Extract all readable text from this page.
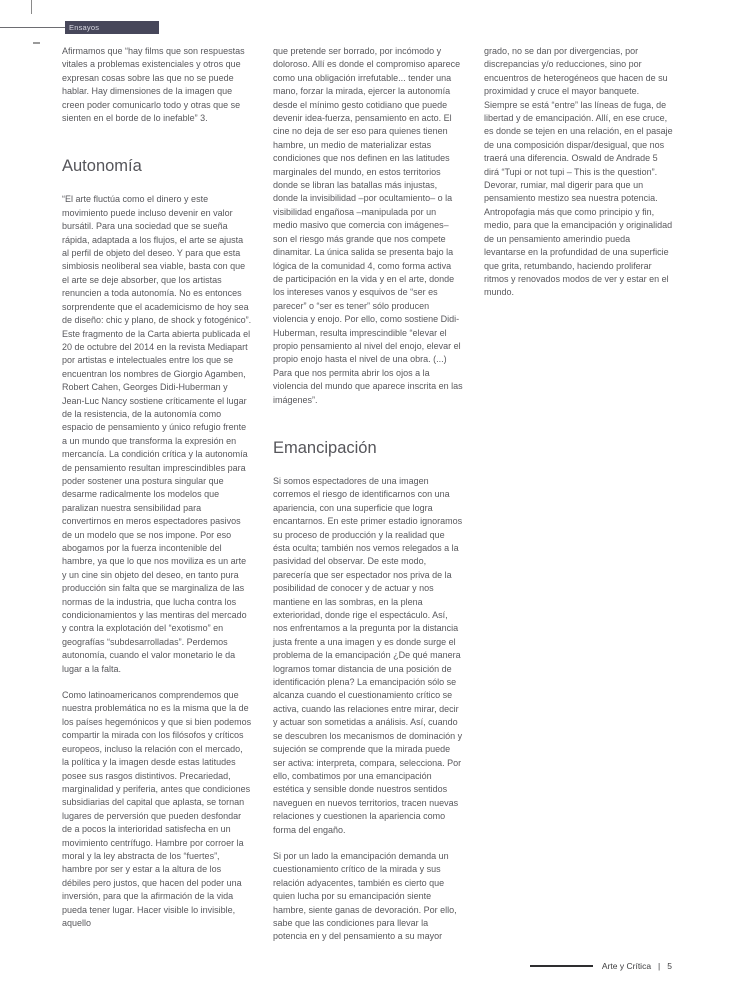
Ensayos

Afirmamos que “hay films que son respuestas vitales a problemas existenciales y otros que expresan cosas sobre las que no se puede hablar. Hay dimensiones de la imagen que creen poder comunicarlo todo y otras que se sienten en el borde de lo inefable” 3.

Autonomía

“El arte fluctúa como el dinero y este movimiento puede incluso devenir en valor bursátil. Para una sociedad que se sueña rápida, adaptada a los flujos, el arte se ajusta al perfil de objeto del deseo. Y para que esta simbiosis neoliberal sea viable, basta con que el arte se deje absorber, que los artistas renuncien a toda autonomía. No es entonces sorprendente que el academicismo de hoy sea de diseño: chic y plano, de shock y fotogénico”. Este fragmento de la Carta abierta publicada el 20 de octubre del 2014 en la revista Mediapart por artistas e intelectuales entre los que se encuentran los nombres de Giorgio Agamben, Robert Cahen, Georges Didi-Huberman y Jean-Luc Nancy sostiene críticamente el lugar de la resistencia, de la autonomía como espacio de pensamiento y único refugio frente a un mundo que transforma la expresión en mercancía. La condición crítica y la autonomía de pensamiento resultan imprescindibles para poder sostener una postura singular que desarme radicalmente los modelos que paralizan nuestra sensibilidad para convertirnos en meros espectadores pasivos de un modelo que se nos impone. Por eso abogamos por la fuerza incontenible del hambre, ya que lo que nos moviliza es un arte y un cine sin objeto del deseo, en tanto pura producción sin falta que se marginaliza de las normas de la industria, que lucha contra los condicionamientos y las mentiras del mercado y contra la explotación del “exotismo” en geografías “subdesarrolladas”. Perdemos autonomía, cuando el valor monetario le da lugar a la falta.

Como latinoamericanos comprendemos que nuestra problemática no es la misma que la de los países hegemónicos y que si bien podemos compartir la mirada con los filósofos y críticos europeos, incluso la relación con el mercado, la política y la imagen desde estas latitudes posee sus rasgos distintivos. Precariedad, marginalidad y periferia, antes que condiciones subsidiarias del capital que aplasta, se tornan lugares de perversión que pueden desfondar de a pocos la interioridad satisfecha en un movimiento centrífugo. Hambre por corroer la moral y la ley abstracta de los “fuertes”, hambre por ser y estar a la altura de los débiles pero justos, que hacen del poder una inversión, para que la afirmación de la vida pueda tener lugar. Hacer visible lo invisible, aquello

que pretende ser borrado, por incómodo y doloroso. Allí es donde el compromiso aparece como una obligación irrefutable... tender una mano, forzar la mirada, ejercer la autonomía desde el mínimo gesto cotidiano que puede devenir idea-fuerza, pensamiento en acto. El cine no deja de ser eso para quienes tienen hambre, un medio de materializar estas condiciones que nos definen en las latitudes marginales del mundo, en estos territorios donde se libran las batallas más injustas, donde la invisibilidad –por ocultamiento– o la visibilidad engañosa –manipulada por un medio masivo que comercia con imágenes– son el riesgo más grande que nos compete dinamitar. La única salida se presenta bajo la lógica de la comunidad 4, como forma activa de participación en la vida y en el arte, donde los intereses vanos y esquivos de “ser es parecer” o “ser es tener” sólo producen violencia y enojo. Por ello, como sostiene Didi-Huberman, resulta imprescindible “elevar el propio pensamiento al nivel del enojo, elevar el propio enojo hasta el nivel de una obra. (...) Para que nos permita abrir los ojos a la violencia del mundo que aparece inscrita en las imágenes”.

Emancipación

Si somos espectadores de una imagen corremos el riesgo de identificarnos con una apariencia, con una superficie que logra encantarnos. En este primer estadio ignoramos su proceso de producción y la realidad que ésta oculta; también nos vemos relegados a la pasividad del observar. De este modo, parecería que ser espectador nos priva de la posibilidad de conocer y de actuar y nos mantiene en las sombras, en la plena exterioridad, donde rige el espectáculo. Así, nos enfrentamos a la pregunta por la distancia justa frente a una imagen y es donde surge el problema de la emancipación ¿De qué manera logramos tomar distancia de una posición de identificación plena? La emancipación sólo se alcanza cuando el cuestionamiento crítico se activa, cuando las relaciones entre mirar, decir y actuar son sometidas a análisis. Así, cuando se descubren los mecanismos de dominación y sujeción se comprende que la mirada puede ser activa: interpreta, compara, selecciona. Por ello, combatimos por una emancipación estética y sensible donde nuestros sentidos naveguen en nuevos territorios, tracen nuevas relaciones y cuestionen la apariencia como forma del engaño.

Si por un lado la emancipación demanda un cuestionamiento crítico de la mirada y sus relación adyacentes, también es cierto que quien lucha por su emancipación siente hambre, siente ganas de devoración. Por ello, sabe que las condiciones para llevar la potencia en y del pensamiento a su mayor

grado, no se dan por divergencias, por discrepancias y/o reducciones, sino por encuentros de heterogéneos que hacen de su proximidad y cruce el mayor banquete. Siempre se está “entre” las líneas de fuga, de libertad y de emancipación. Allí, en ese cruce, es donde se tejen en una relación, en el pasaje de una composición dispar/desigual, que nos traerá una diferencia. Oswald de Andrade 5 dirá “Tupi or not tupi – This is the question”. Devorar, rumiar, mal digerir para que un pensamiento mestizo sea nuestra potencia. Antropofagia más que como principio y fin, medio, para que la emancipación y originalidad de un pensamiento amerindio pueda levantarse en la profundidad de una superficie que grita, retumbando, haciendo proliferar ritmos y renovados modos de ver y estar en el mundo.

Arte y Crítica | 5
